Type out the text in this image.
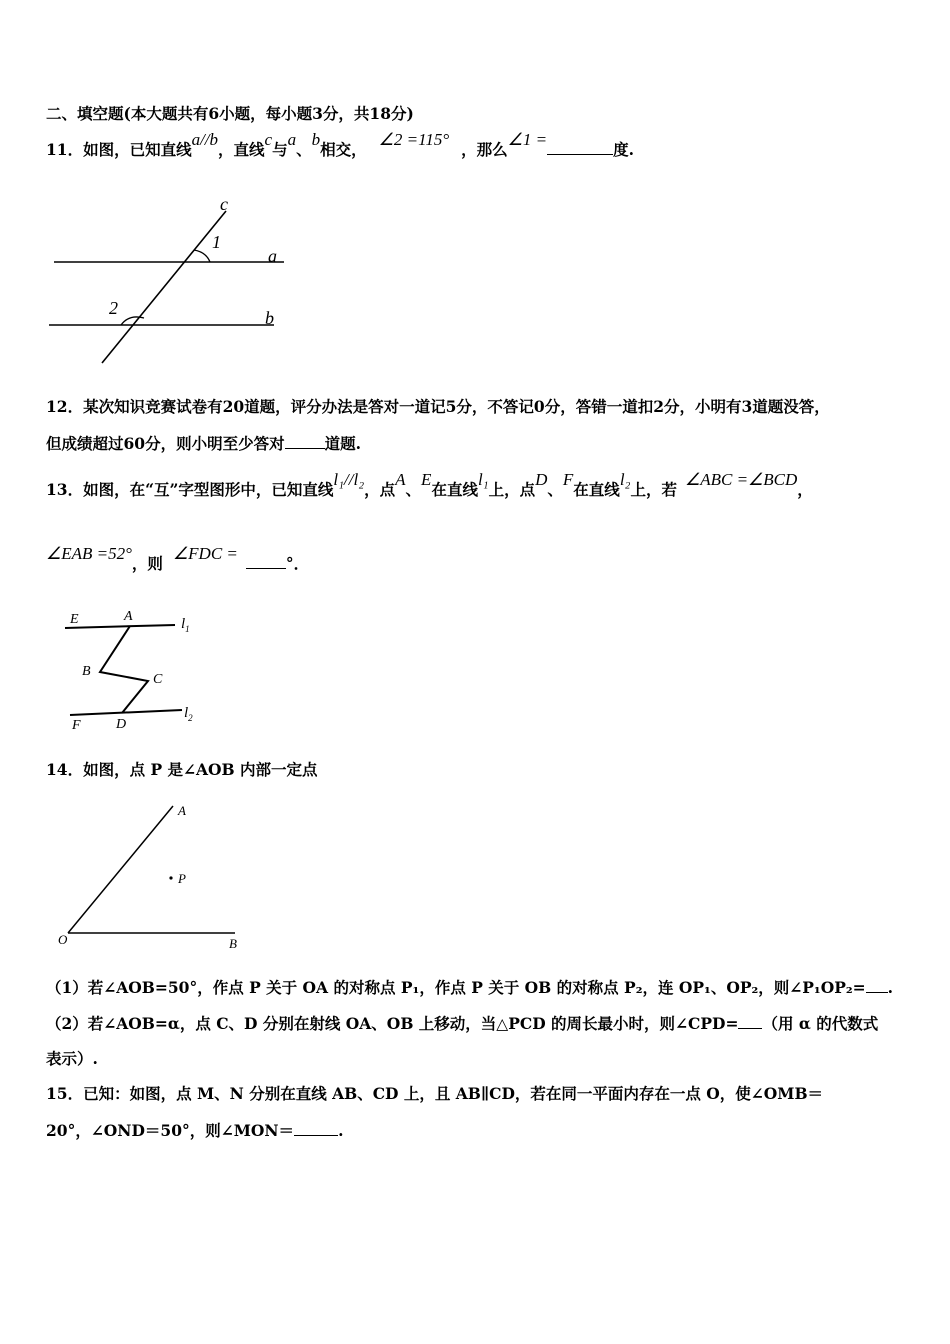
二、填空题(本大题共有6小题，每小题3分，共18分)
11．如图，已知直线a//b，直线c与a、b相交，∠2 =115°，那么∠1 =度.
c
1
a
2	b
12．某次知识竞赛试卷有20道题，评分办法是答对一道记5分，不答记0分，答错一道扣2分，小明有3道题没答，
但成绩超过60分，则小明至少答对	道题.
13．如图，在“互”字型图形中，已知直线l₁//l₂，点A、E在直线l₁上，点D、F在直线l₂上，若∠ABC =∠BCD，
∠EAB =52°，则∠FDC =°．
E	A	$l_1$
B
C
F	D
$l_2$
14．如图，点 P 是∠AOB 内部一定点
A
P
O	B
（1）若∠AOB=50°，作点 P 关于 OA 的对称点 P₁，作点 P 关于 OB 的对称点 P₂，连 OP₁、OP₂，则∠P₁OP₂= .
（2）若∠AOB=α，点 C、D 分别在射线 OA、OB 上移动，当△PCD 的周长最小时，则∠CPD= （用 α 的代数式
表示）.
15．已知：如图，点 M、N 分别在直线 AB、CD 上，且 AB∥CD，若在同一平面内存在一点 O，使∠OMB＝
20°，∠OND＝50°，则∠MON＝	.
